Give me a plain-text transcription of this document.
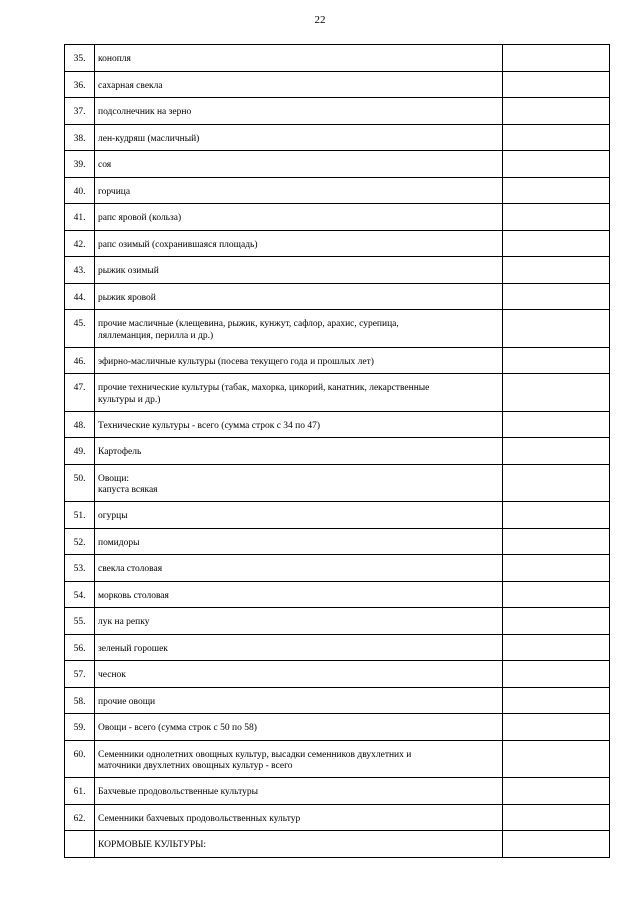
22
35.	конопля	

36.	сахарная свекла	

37.	подсолнечник на зерно	

38.	лен-кудряш (масличный)	

39.	соя	

40.	горчица	

41.	рапс яровой (кольза)	

42.	рапс озимый (сохранившаяся площадь)	

43.	рыжик озимый	

44.	рыжик яровой	

45.	прочие масличные (клещевина, рыжик, кунжут, сафлор, арахис, сурепица,
ляллеманция, перилла и др.)	

46.	эфирно-масличные культуры (посева текущего года и прошлых лет)	

47.	прочие технические культуры (табак, махорка, цикорий, канатник, лекарственные
культуры и др.)	

48.	Технические культуры - всего (сумма строк с 34 по 47)	

49.	Картофель	

50.	Овощи:
капуста всякая	

51.	огурцы	

52.	помидоры	

53.	свекла столовая	

54.	морковь столовая	

55.	лук на репку	

56.	зеленый горошек	

57.	чеснок	

58.	прочие овощи	

59.	Овощи - всего (сумма строк с 50 по 58)	

60.	Семенники однолетних овощных культур, высадки семенников двухлетних и
маточники двухлетних овощных культур - всего	

61.	Бахчевые продовольственные культуры	

62.	Семенники бахчевых продовольственных культур	

	КОРМОВЫЕ КУЛЬТУРЫ:	
